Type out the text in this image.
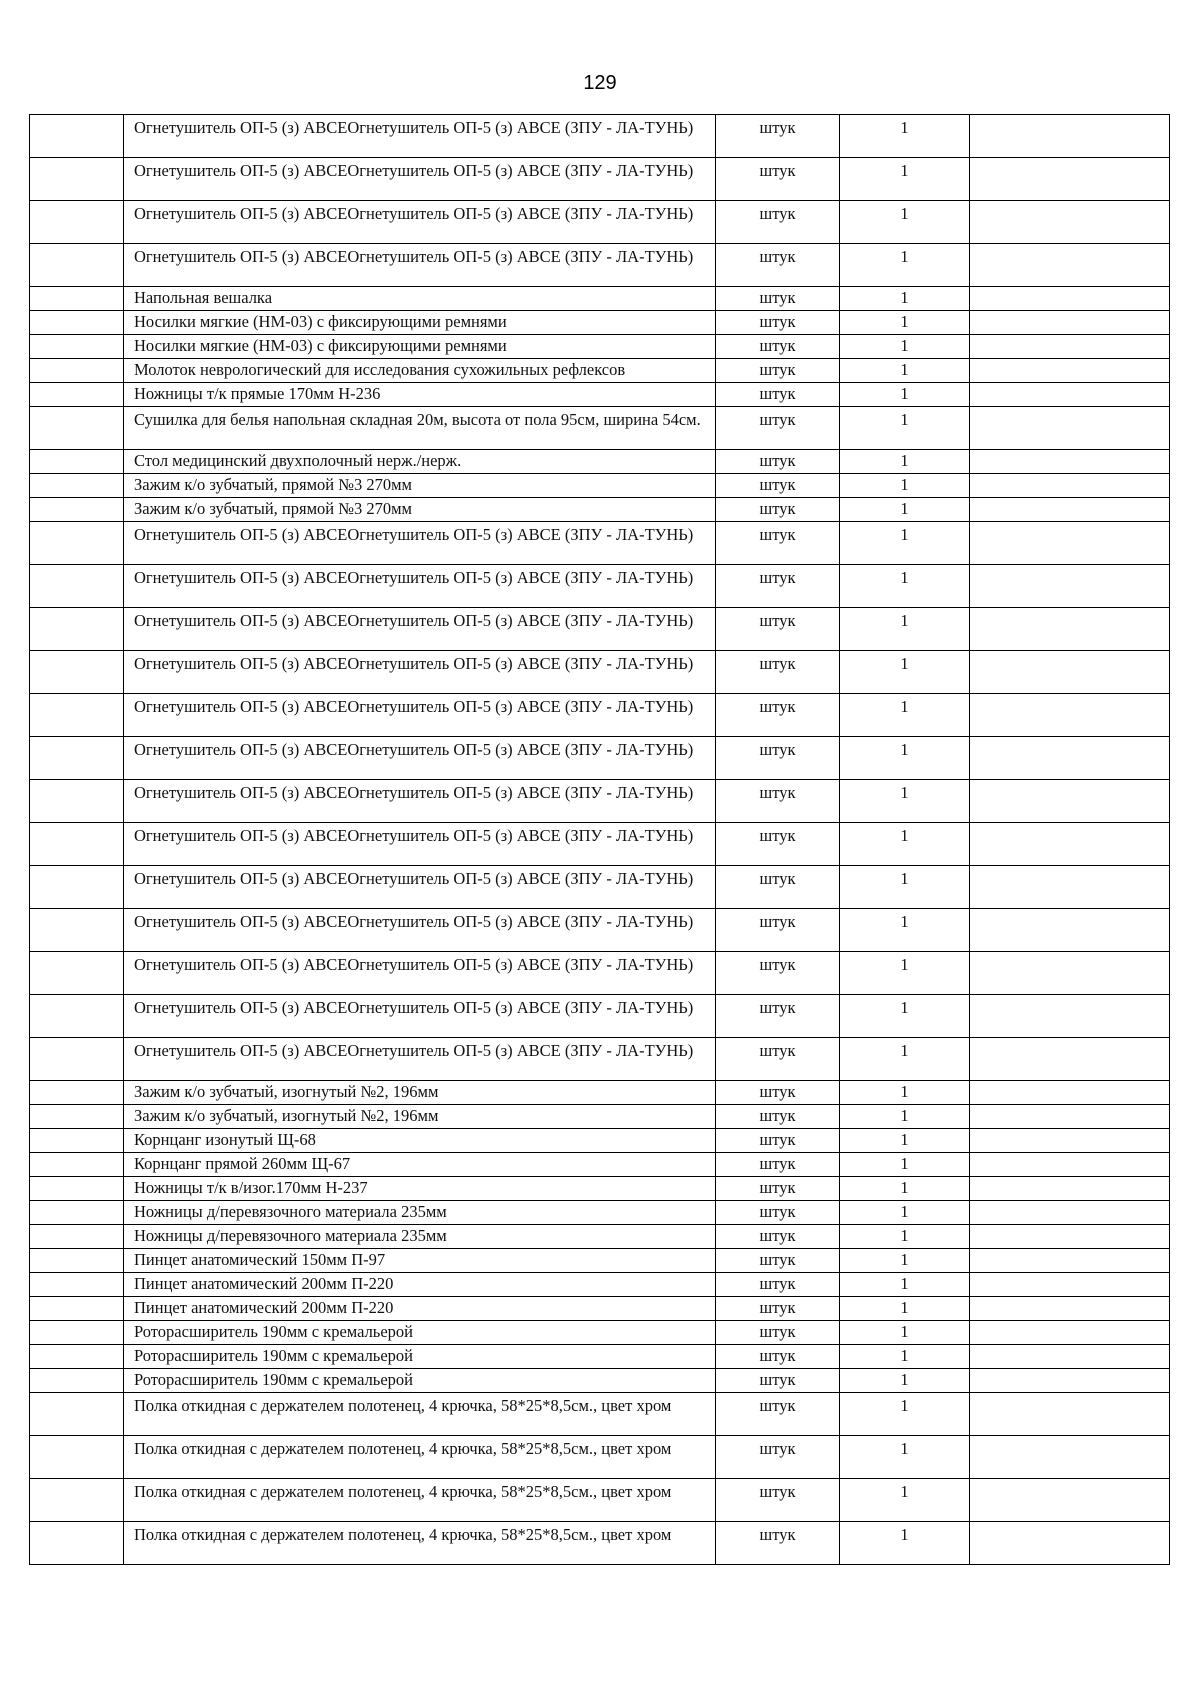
129
	Огнетушитель ОП-5 (з) АВСЕОгнетушитель ОП-5 (з) АВСЕ (ЗПУ - ЛА-ТУНЬ)	штук	1	
	Огнетушитель ОП-5 (з) АВСЕОгнетушитель ОП-5 (з) АВСЕ (ЗПУ - ЛА-ТУНЬ)	штук	1	
	Огнетушитель ОП-5 (з) АВСЕОгнетушитель ОП-5 (з) АВСЕ (ЗПУ - ЛА-ТУНЬ)	штук	1	
	Огнетушитель ОП-5 (з) АВСЕОгнетушитель ОП-5 (з) АВСЕ (ЗПУ - ЛА-ТУНЬ)	штук	1	
	Напольная вешалка	штук	1	
	Носилки мягкие (НМ-03) с фиксирующими ремнями	штук	1	
	Носилки мягкие (НМ-03) с фиксирующими ремнями	штук	1	
	Молоток неврологический для исследования сухожильных рефлексов	штук	1	
	Ножницы т/к прямые 170мм Н-236	штук	1	
	Сушилка для белья напольная складная 20м, высота от пола 95см, ширина 54см.	штук	1	
	Стол медицинский двухполочный нерж./нерж.	штук	1	
	Зажим к/о зубчатый, прямой №3 270мм	штук	1	
	Зажим к/о зубчатый, прямой №3 270мм	штук	1	
	Огнетушитель ОП-5 (з) АВСЕОгнетушитель ОП-5 (з) АВСЕ (ЗПУ - ЛА-ТУНЬ)	штук	1	
	Огнетушитель ОП-5 (з) АВСЕОгнетушитель ОП-5 (з) АВСЕ (ЗПУ - ЛА-ТУНЬ)	штук	1	
	Огнетушитель ОП-5 (з) АВСЕОгнетушитель ОП-5 (з) АВСЕ (ЗПУ - ЛА-ТУНЬ)	штук	1	
	Огнетушитель ОП-5 (з) АВСЕОгнетушитель ОП-5 (з) АВСЕ (ЗПУ - ЛА-ТУНЬ)	штук	1	
	Огнетушитель ОП-5 (з) АВСЕОгнетушитель ОП-5 (з) АВСЕ (ЗПУ - ЛА-ТУНЬ)	штук	1	
	Огнетушитель ОП-5 (з) АВСЕОгнетушитель ОП-5 (з) АВСЕ (ЗПУ - ЛА-ТУНЬ)	штук	1	
	Огнетушитель ОП-5 (з) АВСЕОгнетушитель ОП-5 (з) АВСЕ (ЗПУ - ЛА-ТУНЬ)	штук	1	
	Огнетушитель ОП-5 (з) АВСЕОгнетушитель ОП-5 (з) АВСЕ (ЗПУ - ЛА-ТУНЬ)	штук	1	
	Огнетушитель ОП-5 (з) АВСЕОгнетушитель ОП-5 (з) АВСЕ (ЗПУ - ЛА-ТУНЬ)	штук	1	
	Огнетушитель ОП-5 (з) АВСЕОгнетушитель ОП-5 (з) АВСЕ (ЗПУ - ЛА-ТУНЬ)	штук	1	
	Огнетушитель ОП-5 (з) АВСЕОгнетушитель ОП-5 (з) АВСЕ (ЗПУ - ЛА-ТУНЬ)	штук	1	
	Огнетушитель ОП-5 (з) АВСЕОгнетушитель ОП-5 (з) АВСЕ (ЗПУ - ЛА-ТУНЬ)	штук	1	
	Огнетушитель ОП-5 (з) АВСЕОгнетушитель ОП-5 (з) АВСЕ (ЗПУ - ЛА-ТУНЬ)	штук	1	
	Зажим к/о зубчатый, изогнутый №2, 196мм	штук	1	
	Зажим к/о зубчатый, изогнутый №2, 196мм	штук	1	
	Корнцанг изонутый Щ-68	штук	1	
	Корнцанг прямой 260мм Щ-67	штук	1	
	Ножницы т/к в/изог.170мм Н-237	штук	1	
	Ножницы д/перевязочного материала 235мм	штук	1	
	Ножницы д/перевязочного материала 235мм	штук	1	
	Пинцет анатомический 150мм П-97	штук	1	
	Пинцет анатомический 200мм П-220	штук	1	
	Пинцет анатомический 200мм П-220	штук	1	
	Роторасширитель 190мм с кремальерой	штук	1	
	Роторасширитель 190мм с кремальерой	штук	1	
	Роторасширитель 190мм с кремальерой	штук	1	
	Полка откидная с держателем полотенец, 4 крючка, 58*25*8,5см., цвет хром	штук	1	
	Полка откидная с держателем полотенец, 4 крючка, 58*25*8,5см., цвет хром	штук	1	
	Полка откидная с держателем полотенец, 4 крючка, 58*25*8,5см., цвет хром	штук	1	
	Полка откидная с держателем полотенец, 4 крючка, 58*25*8,5см., цвет хром	штук	1	
